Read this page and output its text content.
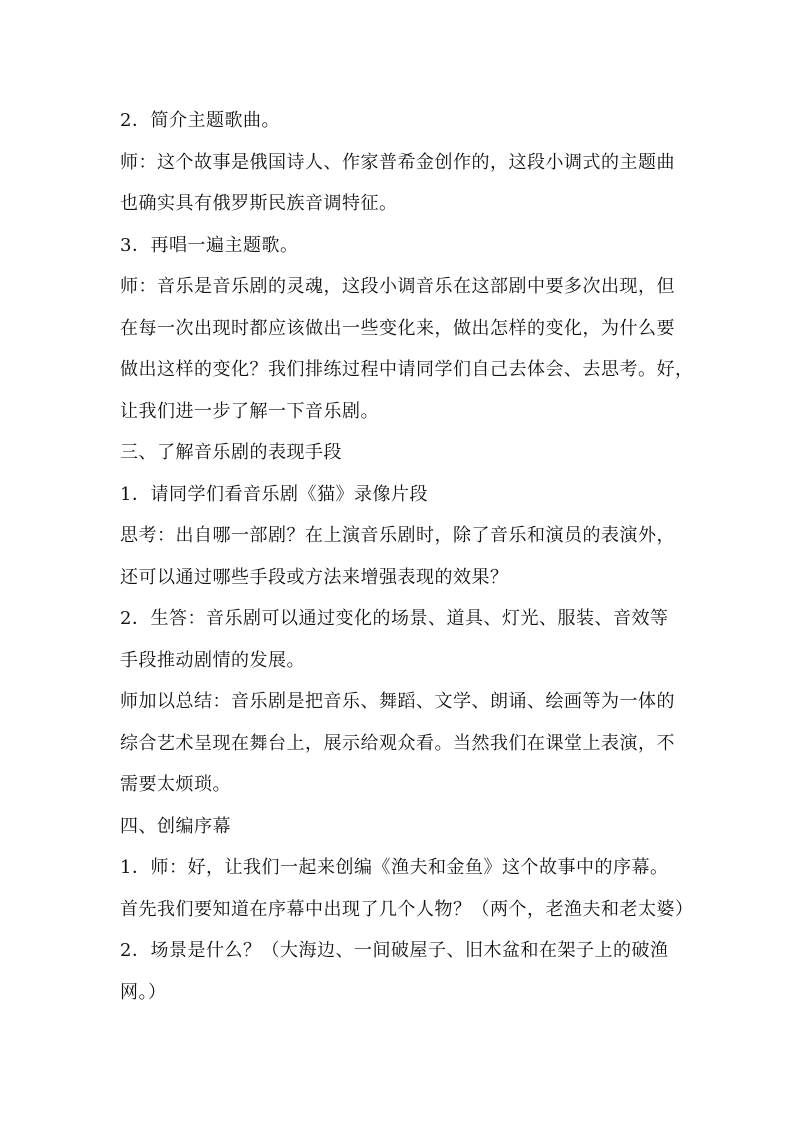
2．简介主题歌曲。
师：这个故事是俄国诗人、作家普希金创作的，这段小调式的主题曲
也确实具有俄罗斯民族音调特征。
3．再唱一遍主题歌。
师：音乐是音乐剧的灵魂，这段小调音乐在这部剧中要多次出现，但
在每一次出现时都应该做出一些变化来，做出怎样的变化，为什么要
做出这样的变化？我们排练过程中请同学们自己去体会、去思考。好，
让我们进一步了解一下音乐剧。
三、了解音乐剧的表现手段
1．请同学们看音乐剧《猫》录像片段
思考：出自哪一部剧？在上演音乐剧时，除了音乐和演员的表演外，
还可以通过哪些手段或方法来增强表现的效果？
2．生答：音乐剧可以通过变化的场景、道具、灯光、服装、音效等
手段推动剧情的发展。
师加以总结：音乐剧是把音乐、舞蹈、文学、朗诵、绘画等为一体的
综合艺术呈现在舞台上，展示给观众看。当然我们在课堂上表演，不
需要太烦琐。
四、创编序幕
1．师：好，让我们一起来创编《渔夫和金鱼》这个故事中的序幕。
首先我们要知道在序幕中出现了几个人物？（两个，老渔夫和老太婆）
2．场景是什么？（大海边、一间破屋子、旧木盆和在架子上的破渔
网。）
